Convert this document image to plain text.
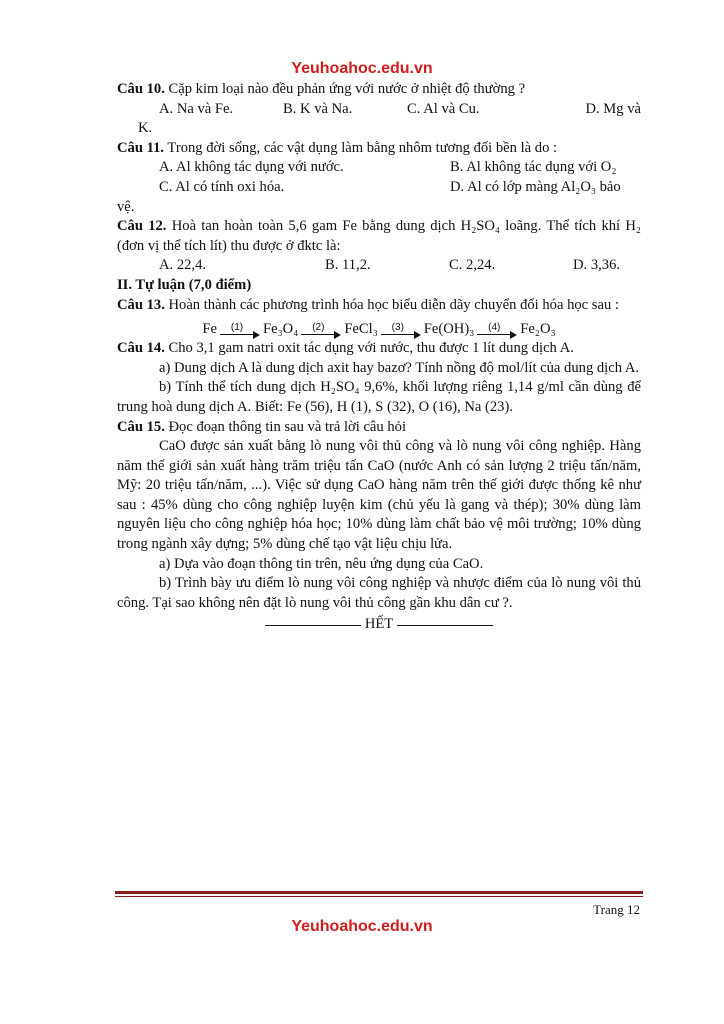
Yeuhoahoc.edu.vn

Câu 10. Cặp kim loại nào đều phản ứng với nước ở nhiệt độ thường ?

A. Na và Fe.	B. K và Na.	C. Al và Cu.	D. Mg và

K.

Câu 11. Trong đời sống, các vật dụng làm bằng nhôm tương đối bền là do :

A. Al không tác dụng với nước.	B. Al không tác dụng với O₂
C. Al có tính oxi hóa.	D. Al có lớp màng Al₂O₃ bảo

vệ.

Câu 12. Hoà tan hoàn toàn 5,6 gam Fe bằng dung dịch H₂SO₄ loãng. Thể tích khí H₂ (đơn vị thể tích lít) thu được ở đktc là:

A. 22,4.	B. 11,2.	C. 2,24.	D. 3,36.

II. Tự luận (7,0 điểm)

Câu 13. Hoàn thành các phương trình hóa học biểu diễn dãy chuyển đổi hóa học sau :

Fe	(1)	Fe₃O₄	(2)	FeCl₃	(3)	Fe(OH)₃	(4)	Fe₂O₃

Câu 14. Cho 3,1 gam natri oxit tác dụng với nước, thu được 1 lít dung dịch A.

a) Dung dịch A là dung dịch axit hay bazơ? Tính nồng độ mol/lít của dung dịch A.

b) Tính thể tích dung dịch H₂SO₄ 9,6%, khối lượng riêng 1,14 g/ml cần dùng để trung hoà dung dịch A. Biết: Fe (56), H (1), S (32), O (16), Na (23).

Câu 15. Đọc đoạn thông tin sau và trả lời câu hỏi

CaO được sản xuất bằng lò nung vôi thủ công và lò nung vôi công nghiệp. Hàng năm thế giới sản xuất hàng trăm triệu tấn CaO (nước Anh có sản lượng 2 triệu tấn/năm, Mỹ: 20 triệu tấn/năm, ...). Việc sử dụng CaO hàng năm trên thế giới được thống kê như sau : 45% dùng cho công nghiệp luyện kim (chủ yếu là gang và thép); 30% dùng làm nguyên liệu cho công nghiệp hóa học; 10% dùng làm chất bảo vệ môi trường; 10% dùng trong ngành xây dựng; 5% dùng chế tạo vật liệu chịu lửa.

a) Dựa vào đoạn thông tin trên, nêu ứng dụng của CaO.

b) Trình bày ưu điểm lò nung vôi công nghiệp và nhược điểm của lò nung vôi thủ công. Tại sao không nên đặt lò nung vôi thủ công gần khu dân cư ?.

HẾT
Trang 12
Yeuhoahoc.edu.vn
